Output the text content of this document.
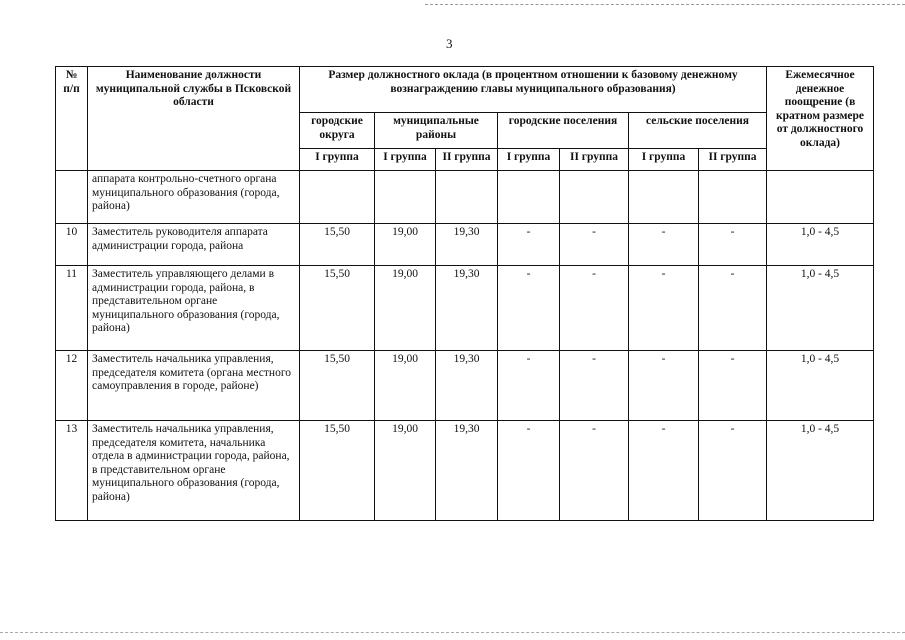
3
№ п/п	Наименование должности муниципальной службы в Псковской области	Размер должностного оклада (в процентном отношении к базовому денежному вознаграждению главы муниципального образования)							Ежемесячное денежное поощрение (в кратном размере от должностного оклада)
		городские округа	муниципальные районы		городские поселения		сельские поселения		
		I группа	I группа	II группа	I группа	II группа	I группа	II группа	
	аппарата контрольно-счетного органа муниципального образования (города, района)								
10	Заместитель руководителя аппарата администрации города, района	15,50	19,00	19,30	-	-	-	-	1,0 - 4,5
11	Заместитель управляющего делами в администрации города, района, в представительном органе муниципального образования (города, района)	15,50	19,00	19,30	-	-	-	-	1,0 - 4,5
12	Заместитель начальника управления, председателя комитета (органа местного самоуправления в городе, районе)	15,50	19,00	19,30	-	-	-	-	1,0 - 4,5
13	Заместитель начальника управления, председателя комитета, начальника отдела в администрации города, района, в представительном органе муниципального образования (города, района)	15,50	19,00	19,30	-	-	-	-	1,0 - 4,5
